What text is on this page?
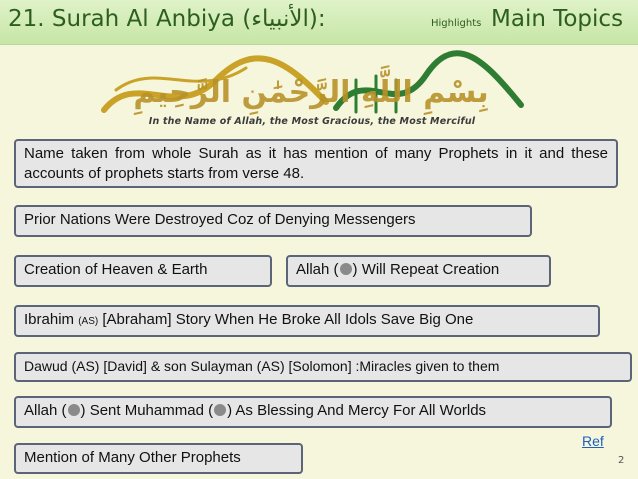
21. Surah Al Anbiya (الأنبياء):	Highlights Main Topics
بِسْمِ اللَّهِ الرَّحْمَٰنِ الرَّحِيمِ
In the Name of Allah, the Most Gracious, the Most Merciful
Name taken from whole Surah as it has mention of many Prophets in it and these accounts of prophets starts from verse 48.
Prior Nations Were Destroyed Coz of Denying Messengers
Creation of Heaven & Earth	Allah ( ) Will Repeat Creation
Ibrahim (AS) [Abraham] Story When He Broke All Idols Save Big One
Dawud (AS) [David] & son Sulayman (AS) [Solomon] :Miracles given to them
Allah ( ) Sent Muhammad ( ) As Blessing And Mercy For All Worlds
Mention of Many Other Prophets
Ref
2
